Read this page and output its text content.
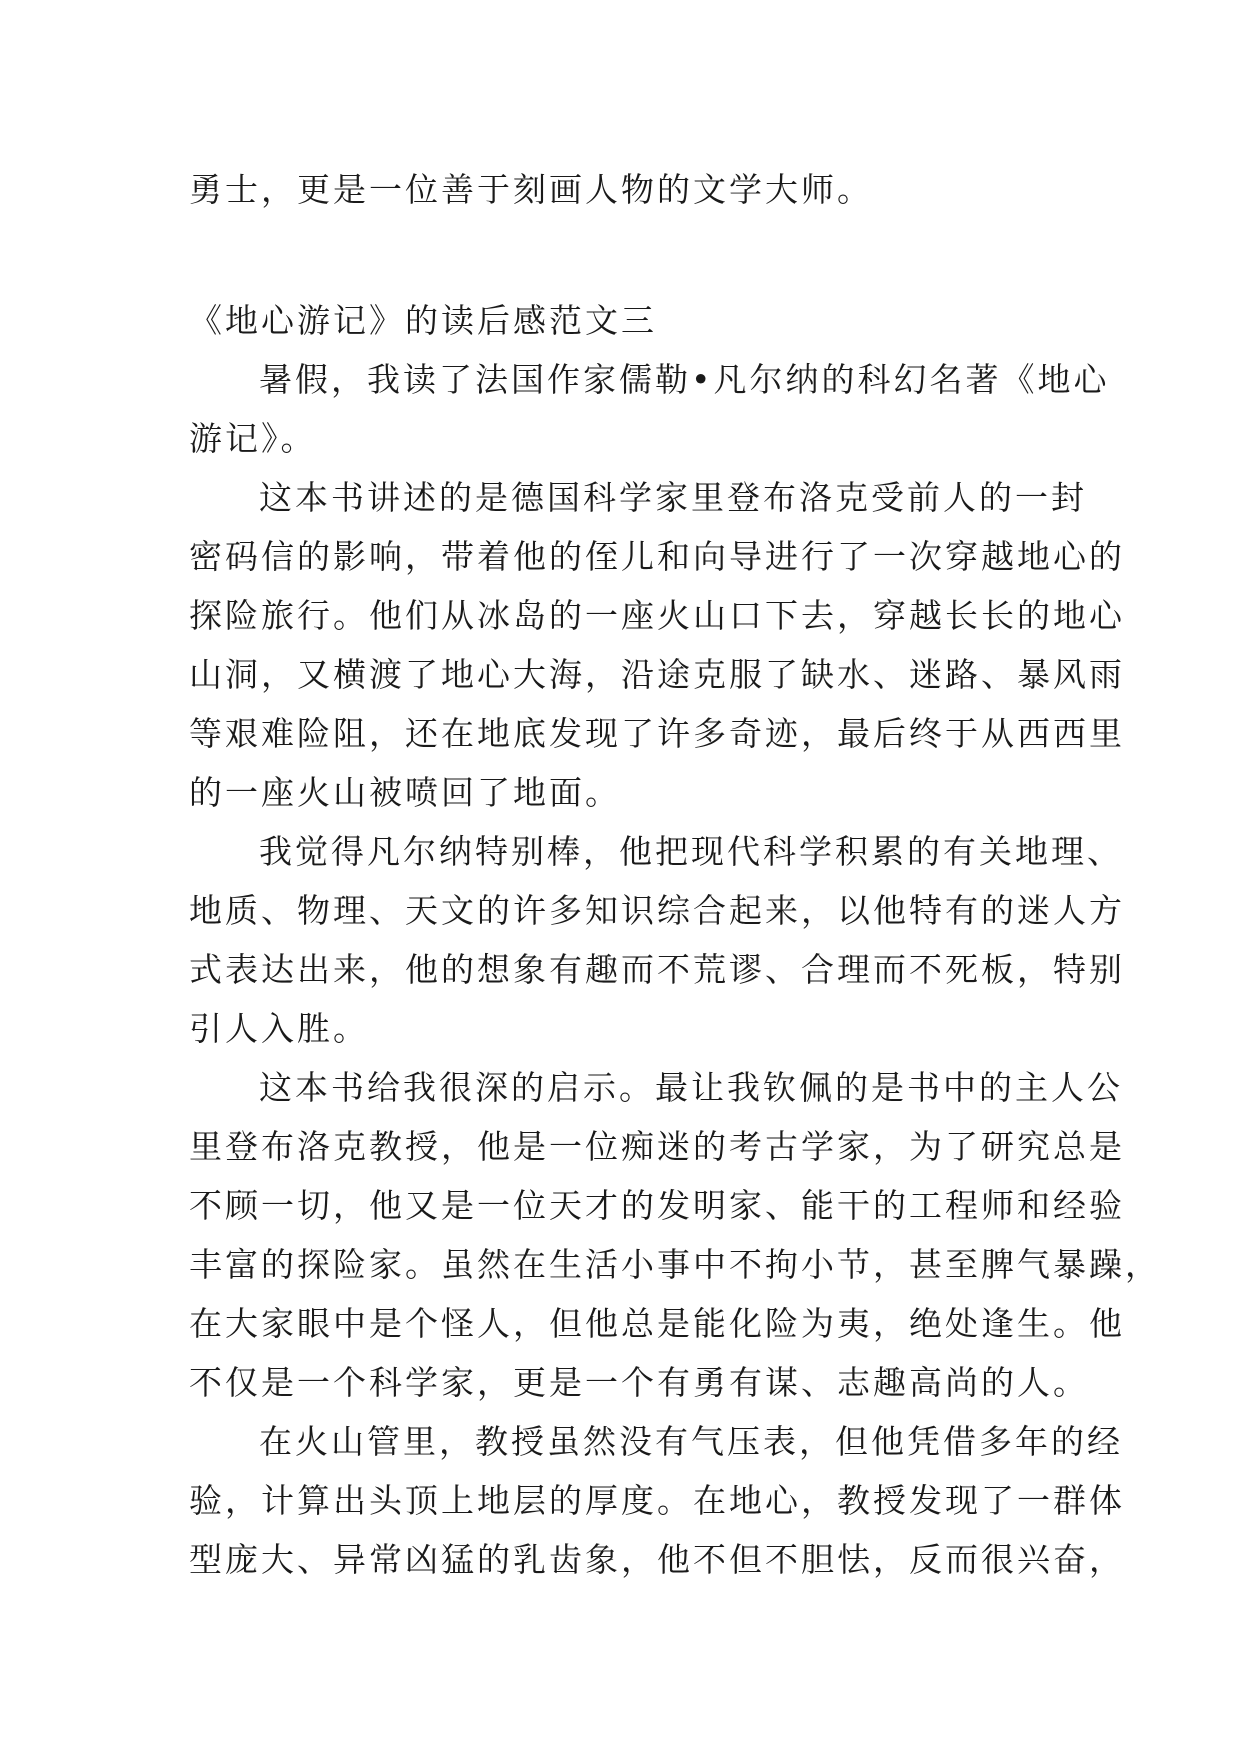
勇士，更是一位善于刻画人物的文学大师。
《地心游记》的读后感范文三
暑假，我读了法国作家儒勒•凡尔纳的科幻名著《地心
游记》。
这本书讲述的是德国科学家里登布洛克受前人的一封
密码信的影响，带着他的侄儿和向导进行了一次穿越地心的
探险旅行。他们从冰岛的一座火山口下去，穿越长长的地心
山洞，又横渡了地心大海，沿途克服了缺水、迷路、暴风雨
等艰难险阻，还在地底发现了许多奇迹，最后终于从西西里
的一座火山被喷回了地面。
我觉得凡尔纳特别棒，他把现代科学积累的有关地理、
地质、物理、天文的许多知识综合起来，以他特有的迷人方
式表达出来，他的想象有趣而不荒谬、合理而不死板，特别
引人入胜。
这本书给我很深的启示。最让我钦佩的是书中的主人公
里登布洛克教授，他是一位痴迷的考古学家，为了研究总是
不顾一切，他又是一位天才的发明家、能干的工程师和经验
丰富的探险家。虽然在生活小事中不拘小节，甚至脾气暴躁，
在大家眼中是个怪人，但他总是能化险为夷，绝处逢生。他
不仅是一个科学家，更是一个有勇有谋、志趣高尚的人。
在火山管里，教授虽然没有气压表，但他凭借多年的经
验，计算出头顶上地层的厚度。在地心，教授发现了一群体
型庞大、异常凶猛的乳齿象，他不但不胆怯，反而很兴奋，
